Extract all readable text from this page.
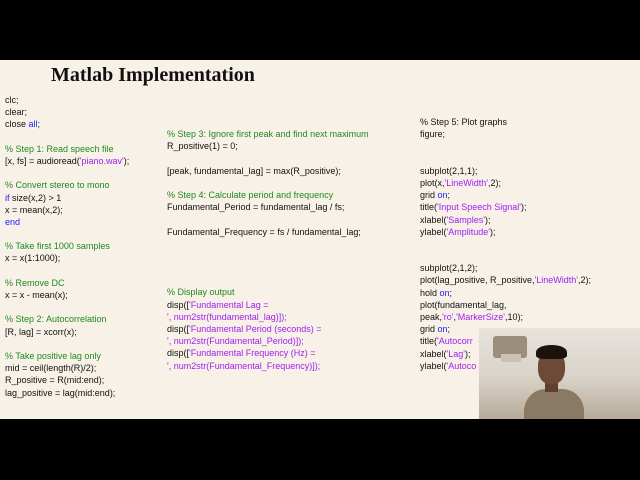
Matlab Implementation
clc;
clear;
close all;
% Step 1: Read speech file
[x, fs] = audioread('piano.wav');
% Convert stereo to mono
if size(x,2) > 1
x = mean(x,2);
end
% Take first 1000 samples
x = x(1:1000);
% Remove DC
x = x - mean(x);
% Step 2: Autocorrelation
[R, lag] = xcorr(x);
% Take positive lag only
mid = ceil(length(R)/2);
R_positive = R(mid:end);
lag_positive = lag(mid:end);
% Step 3: Ignore first peak and find next maximum
R_positive(1) = 0;
[peak, fundamental_lag] = max(R_positive);
% Step 4: Calculate period and frequency
Fundamental_Period = fundamental_lag / fs;
Fundamental_Frequency = fs / fundamental_lag;
% Display output
disp(['Fundamental Lag =
', num2str(fundamental_lag)]);
disp(['Fundamental Period (seconds) =
', num2str(Fundamental_Period)]);
disp(['Fundamental Frequency (Hz) =
', num2str(Fundamental_Frequency)]);
% Step 5: Plot graphs
figure;
subplot(2,1,1);
plot(x,'LineWidth',2);
grid on;
title('Input Speech Signal');
xlabel('Samples');
ylabel('Amplitude');
subplot(2,1,2);
plot(lag_positive, R_positive,'LineWidth',2);
hold on;
plot(fundamental_lag,
peak,'ro','MarkerSize',10);
grid on;
title('Autocorr
xlabel('Lag');
ylabel('Autoco
